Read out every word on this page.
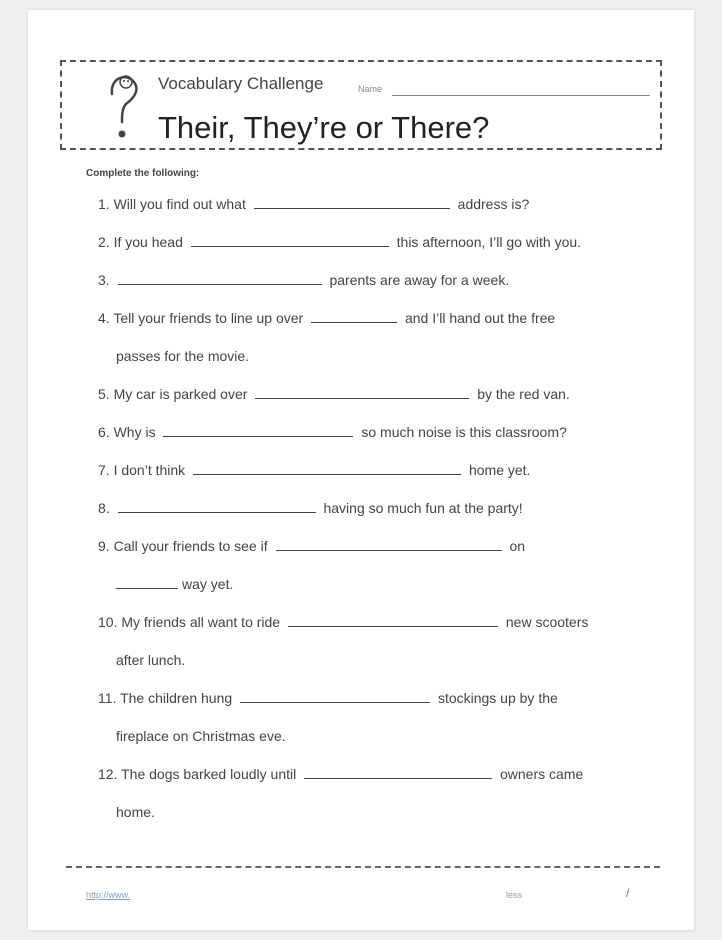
Vocabulary Challenge	Name
Their, They’re or There?
Complete the following:
1. Will you find out what	address is?
2. If you head	this afternoon, I’ll go with you.
3.	parents are away for a week.
4. Tell your friends to line up over	and I’ll hand out the free
passes for the movie.
5. My car is parked over	by the red van.
6. Why is	so much noise is this classroom?
7. I don’t think	home yet.
8.	having so much fun at the party!
9. Call your friends to see if	on
way yet.
10. My friends all want to ride	new scooters
after lunch.
11. The children hung	stockings up by the
fireplace on Christmas eve.
12. The dogs barked loudly until	owners came
home.
http://www.	less	/
